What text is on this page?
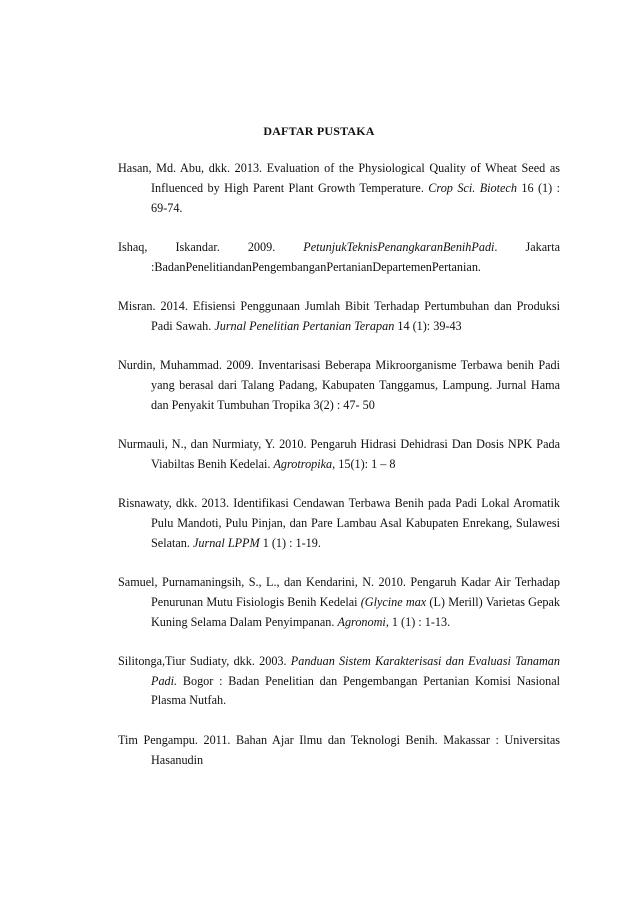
DAFTAR PUSTAKA

Hasan, Md. Abu, dkk. 2013. Evaluation of the Physiological Quality of Wheat Seed as Influenced by High Parent Plant Growth Temperature. Crop Sci. Biotech 16 (1) : 69-74.

Ishaq, Iskandar. 2009. PetunjukTeknisPenangkaranBenihPadi. Jakarta :BadanPenelitiandanPengembanganPertanianDepartemenPertanian.

Misran. 2014. Efisiensi Penggunaan Jumlah Bibit Terhadap Pertumbuhan dan Produksi Padi Sawah. Jurnal Penelitian Pertanian Terapan 14 (1): 39-43

Nurdin, Muhammad. 2009. Inventarisasi Beberapa Mikroorganisme Terbawa benih Padi yang berasal dari Talang Padang, Kabupaten Tanggamus, Lampung. Jurnal Hama dan Penyakit Tumbuhan Tropika 3(2) : 47- 50

Nurmauli, N., dan Nurmiaty, Y. 2010. Pengaruh Hidrasi Dehidrasi Dan Dosis NPK Pada Viabiltas Benih Kedelai. Agrotropika, 15(1): 1 – 8

Risnawaty, dkk. 2013. Identifikasi Cendawan Terbawa Benih pada Padi Lokal Aromatik Pulu Mandoti, Pulu Pinjan, dan Pare Lambau Asal Kabupaten Enrekang, Sulawesi Selatan. Jurnal LPPM 1 (1) : 1-19.

Samuel, Purnamaningsih, S., L., dan Kendarini, N. 2010. Pengaruh Kadar Air Terhadap Penurunan Mutu Fisiologis Benih Kedelai (Glycine max (L) Merill) Varietas Gepak Kuning Selama Dalam Penyimpanan. Agronomi, 1 (1) : 1-13.

Silitonga,Tiur Sudiaty, dkk. 2003. Panduan Sistem Karakterisasi dan Evaluasi Tanaman Padi. Bogor : Badan Penelitian dan Pengembangan Pertanian Komisi Nasional Plasma Nutfah.

Tim Pengampu. 2011. Bahan Ajar Ilmu dan Teknologi Benih. Makassar : Universitas Hasanudin
